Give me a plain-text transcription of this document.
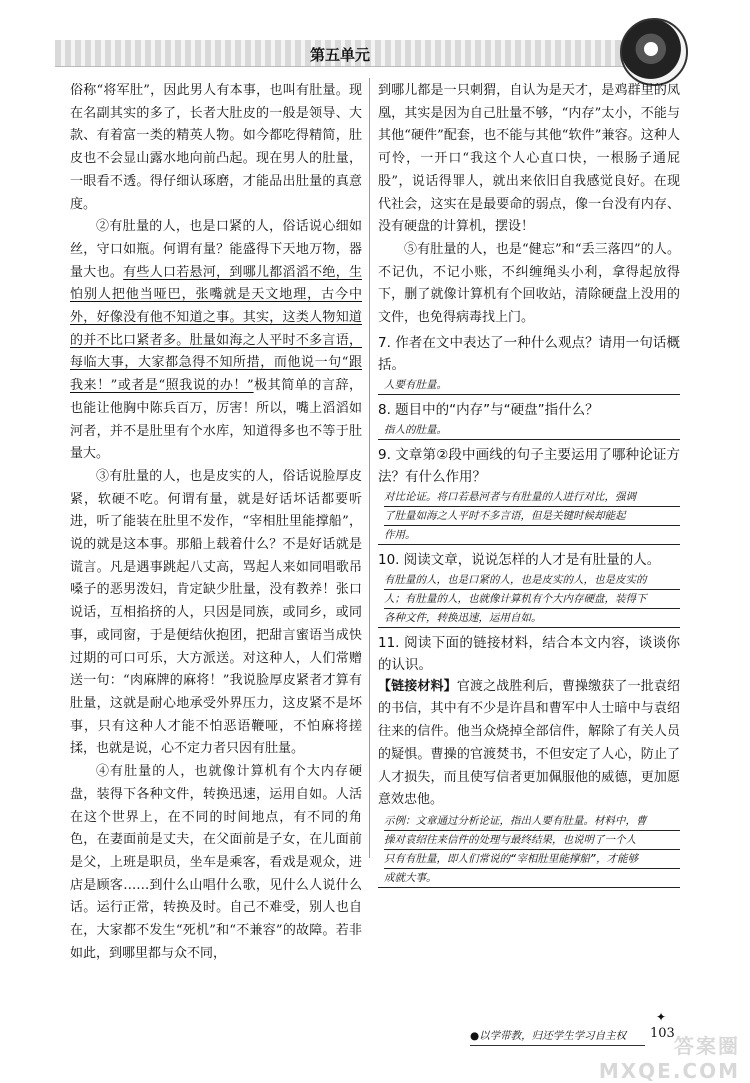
第五单元

俗称“将军肚”，因此男人有本事，也叫有肚量。现在名副其实的多了，长者大肚皮的一般是领导、大款、有着富一类的精英人物。如今都吃得精简，肚皮也不会显山露水地向前凸起。现在男人的肚量，一眼看不透。得仔细认琢磨，才能品出肚量的真意度。

②有肚量的人，也是口紧的人，俗话说心细如丝，守口如瓶。何谓有量？能盛得下天地万物，器量大也。有些人口若悬河，到哪儿都滔滔不绝，生怕别人把他当哑巴，张嘴就是天文地理，古今中外，好像没有他不知道之事。其实，这类人物知道的并不比口紧者多。肚量如海之人平时不多言语，每临大事，大家都急得不知所措，而他说一句“跟我来！”或者是“照我说的办！”极其简单的言辞，也能让他胸中陈兵百万，厉害！所以，嘴上滔滔如河者，并不是肚里有个水库，知道得多也不等于肚量大。

③有肚量的人，也是皮实的人，俗话说脸厚皮紧，软硬不吃。何谓有量，就是好话坏话都要听进，听了能装在肚里不发作，“宰相肚里能撑船”，说的就是这本事。那船上载着什么？不是好话就是谎言。凡是遇事跳起八丈高，骂起人来如同唱歌吊嗓子的恶男泼妇，肯定缺少肚量，没有教养！张口说话，互相掐挤的人，只因是同族，或同乡，或同事，或同窗，于是便结伙抱团，把甜言蜜语当成快过期的可口可乐，大方派送。对这种人，人们常赠送一句：“肉麻牌的麻将！”我说脸厚皮紧者才算有肚量，这就是耐心地承受外界压力，这皮紧不是坏事，只有这种人才能不怕恶语鞭哑，不怕麻将搓揉，也就是说，心不定力者只因有肚量。

④有肚量的人，也就像计算机有个大内存硬盘，装得下各种文件，转换迅速，运用自如。人活在这个世界上，在不同的时间地点，有不同的角色，在妻面前是丈夫，在父面前是子女，在儿面前是父，上班是职员，坐车是乘客，看戏是观众，进店是顾客……到什么山唱什么歌，见什么人说什么话。运行正常，转换及时。自己不难受，别人也自在，大家都不发生“死机”和“不兼容”的故障。若非如此，到哪里都与众不同，

到哪儿都是一只刺猬，自认为是天才，是鸡群里的凤凰，其实是因为自己肚量不够，“内存”太小，不能与其他“硬件”配套，也不能与其他“软件”兼容。这种人可怜，一开口“我这个人心直口快，一根肠子通屁股”，说话得罪人，就出来依旧自我感觉良好。在现代社会，这实在是最要命的弱点，像一台没有内存、没有硬盘的计算机，摆设！

⑤有肚量的人，也是“健忘”和“丢三落四”的人。不记仇，不记小账，不纠缠绳头小利，拿得起放得下，删了就像计算机有个回收站，清除硬盘上没用的文件，也免得病毒找上门。

7. 作者在文中表达了一种什么观点？请用一句话概括。
人要有肚量。
8. 题目中的“内存”与“硬盘”指什么？
指人的肚量。
9. 文章第②段中画线的句子主要运用了哪种论证方法？有什么作用？
对比论证。将口若悬河者与有肚量的人进行对比，强调
了肚量如海之人平时不多言语，但是关键时候却能起
作用。
10. 阅读文章，说说怎样的人才是有肚量的人。
有肚量的人，也是口紧的人，也是皮实的人，也是皮实的
人；有肚量的人，也就像计算机有个大内存硬盘，装得下
各种文件，转换迅速，运用自如。
11. 阅读下面的链接材料，结合本文内容，谈谈你的认识。

【链接材料】官渡之战胜利后，曹操缴获了一批袁绍的书信，其中有不少是许昌和曹军中人士暗中与袁绍往来的信件。他当众烧掉全部信件，解除了有关人员的疑惧。曹操的官渡焚书，不但安定了人心，防止了人才损失，而且使写信者更加佩服他的威德，更加愿意效忠他。

示例：文章通过分析论证，指出人要有肚量。材料中，曹
操对袁绍往来信件的处理与最终结果，也说明了一个人
只有有肚量，即人们常说的“宰相肚里能撑船”，才能够
成就大事。
●以学带教，归还学生学习自主权
✦
103
答案圈 MXQE.COM
